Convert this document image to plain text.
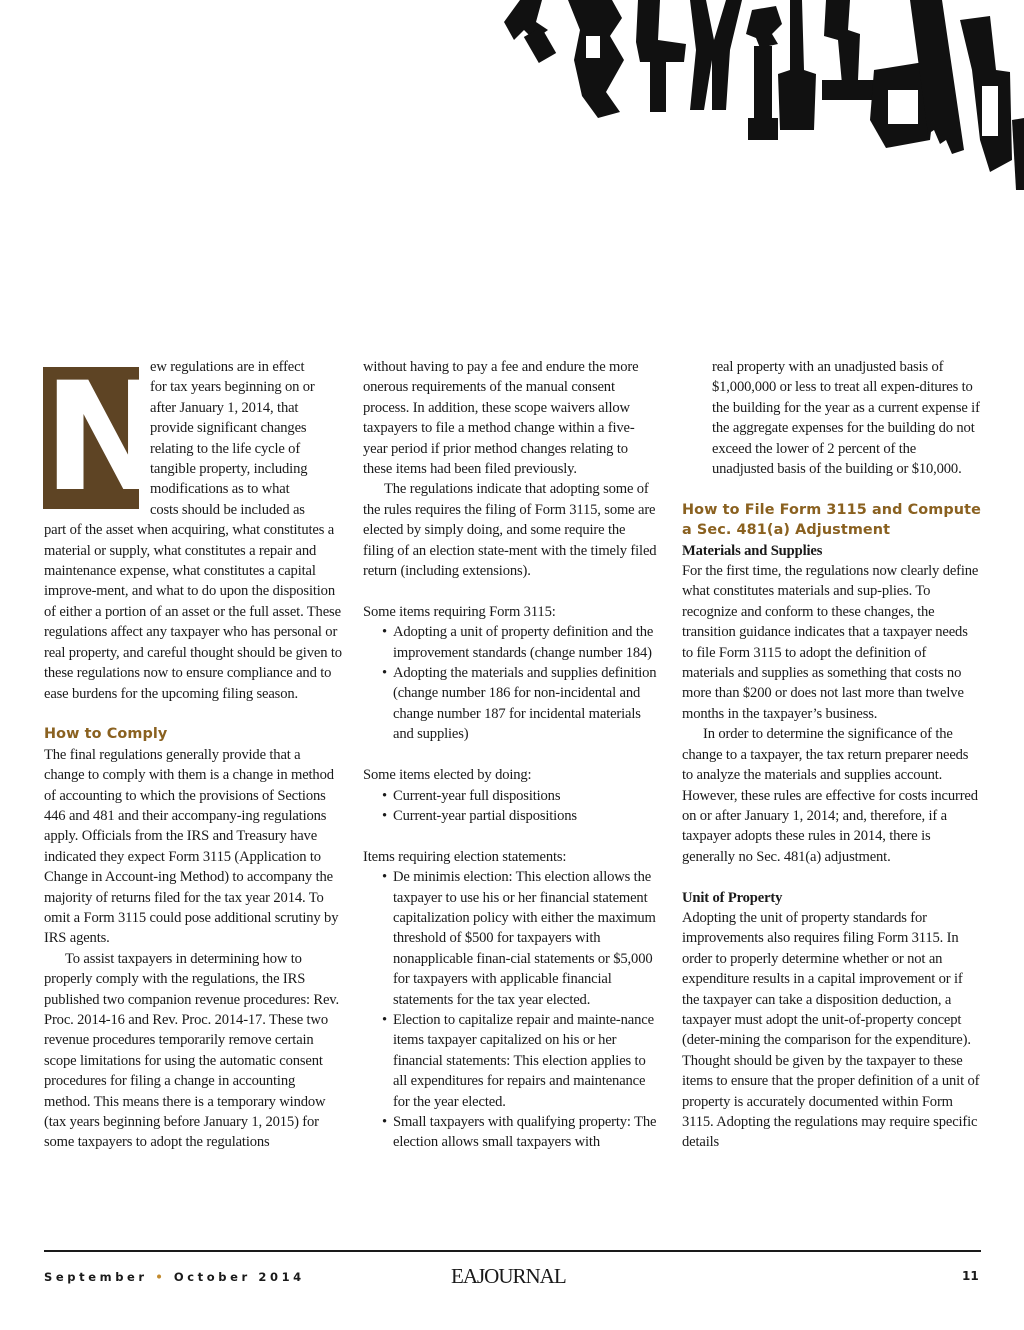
N
ew regulations are in effect
for tax years beginning on or
after January 1, 2014, that
provide significant changes
relating to the life cycle of
tangible property, including
modifications as to what
costs should be included as

part of the asset when acquiring, what constitutes a material or supply, what constitutes a repair and maintenance expense, what constitutes a capital improve-ment, and what to do upon the disposition of either a portion of an asset or the full asset. These regulations affect any taxpayer who has personal or real property, and careful thought should be given to these regulations now to ensure compliance and to ease burdens for the upcoming filing season.

How to Comply

The final regulations generally provide that a change to comply with them is a change in method of accounting to which the provisions of Sections 446 and 481 and their accompany-ing regulations apply. Officials from the IRS and Treasury have indicated they expect Form 3115 (Application to Change in Account-ing Method) to accompany the majority of returns filed for the tax year 2014. To omit a Form 3115 could pose additional scrutiny by IRS agents.

To assist taxpayers in determining how to properly comply with the regulations, the IRS published two companion revenue procedures: Rev. Proc. 2014-16 and Rev. Proc. 2014-17. These two revenue procedures temporarily remove certain scope limitations for using the automatic consent procedures for filing a change in accounting method. This means there is a temporary window (tax years beginning before January 1, 2015) for some taxpayers to adopt the regulations

without having to pay a fee and endure the more onerous requirements of the manual consent process. In addition, these scope waivers allow taxpayers to file a method change within a five-year period if prior method changes relating to these items had been filed previously.

The regulations indicate that adopting some of the rules requires the filing of Form 3115, some are elected by simply doing, and some require the filing of an election state-ment with the timely filed return (including extensions).

Some items requiring Form 3115:

• Adopting a unit of property definition and the improvement standards (change number 184)
• Adopting the materials and supplies definition (change number 186 for non-incidental and change number 187 for incidental materials and supplies)

Some items elected by doing:

• Current-year full dispositions
• Current-year partial dispositions

Items requiring election statements:

• De minimis election: This election allows the taxpayer to use his or her financial statement capitalization policy with either the maximum threshold of $500 for taxpayers with nonapplicable finan-cial statements or $5,000 for taxpayers with applicable financial statements for the tax year elected.
• Election to capitalize repair and mainte-nance items taxpayer capitalized on his or her financial statements: This election applies to all expenditures for repairs and maintenance for the year elected.
• Small taxpayers with qualifying property: The election allows small taxpayers with

real property with an unadjusted basis of $1,000,000 or less to treat all expen-ditures to the building for the year as a current expense if the aggregate expenses for the building do not exceed the lower of 2 percent of the unadjusted basis of the building or $10,000.

How to File Form 3115 and Compute
a Sec. 481(a) Adjustment

Materials and Supplies

For the first time, the regulations now clearly define what constitutes materials and sup-plies. To recognize and conform to these changes, the transition guidance indicates that a taxpayer needs to file Form 3115 to adopt the definition of materials and supplies as something that costs no more than $200 or does not last more than twelve months in the taxpayer’s business.

In order to determine the significance of the change to a taxpayer, the tax return preparer needs to analyze the materials and supplies account. However, these rules are effective for costs incurred on or after January 1, 2014; and, therefore, if a taxpayer adopts these rules in 2014, there is generally no Sec. 481(a) adjustment.

Unit of Property

Adopting the unit of property standards for improvements also requires filing Form 3115. In order to properly determine whether or not an expenditure results in a capital improvement or if the taxpayer can take a disposition deduction, a taxpayer must adopt the unit-of-property concept (deter-mining the comparison for the expenditure). Thought should be given by the taxpayer to these items to ensure that the proper definition of a unit of property is accurately documented within Form 3115. Adopting the regulations may require specific details

September • October 2014	EAJOURNAL	11
